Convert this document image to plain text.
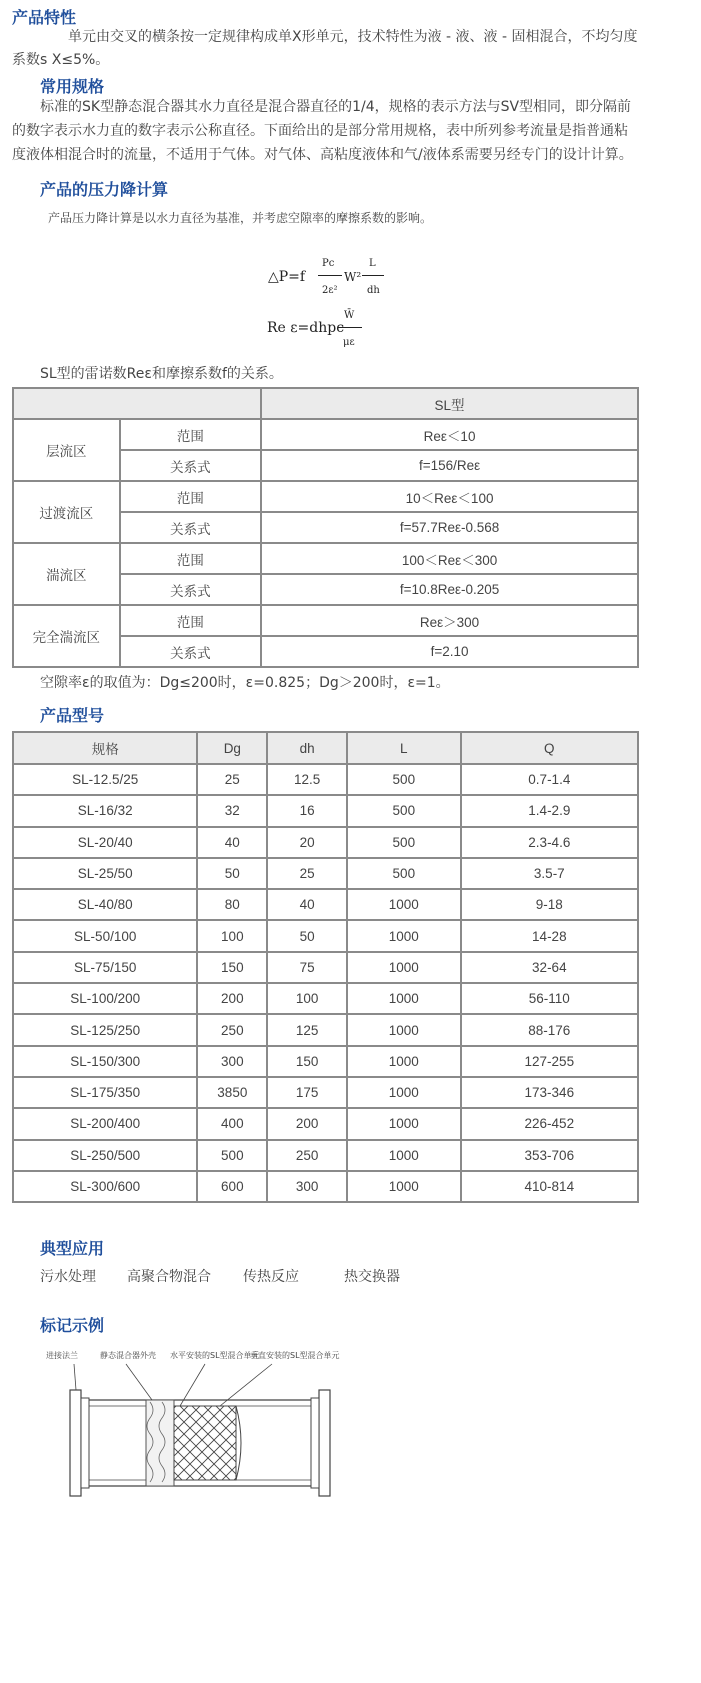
产品特性

单元由交叉的横条按一定规律构成单X形单元，技术特性为液 - 液、液 - 固相混合，不均匀度

系数s X≤5%。

常用规格

标准的SK型静态混合器其水力直径是混合器直径的1/4，规格的表示方法与SV型相同，即分隔前

的数字表示水力直的数字表示公称直径。下面给出的是部分常用规格，表中所列参考流量是指普通粘

度液体相混合时的流量，不适用于气体。对气体、高粘度液体和气/液体系需要另经专门的设计计算。

产品的压力降计算

产品压力降计算是以水力直径为基准，并考虑空隙率的摩擦系数的影响。

△P=f
Pc
2ε²
W²
L
dh
Re ε=dhpc
W̄
με

SL型的雷诺数Reε和摩擦系数f的关系。

		SL型
层流区	范围	Reε＜10
	关系式	f=156/Reε
过渡流区	范围	10＜Reε＜100
	关系式	f=57.7Reε-0.568
湍流区	范围	100＜Reε＜300
	关系式	f=10.8Reε-0.205
完全湍流区	范围	Reε＞300
	关系式	f=2.10

空隙率ε的取值为：Dg≤200时，ε=0.825；Dg＞200时，ε=1。

产品型号
规格	Dg	dh	L	Q
SL-12.5/25	25	12.5	500	0.7-1.4
SL-16/32	32	16	500	1.4-2.9
SL-20/40	40	20	500	2.3-4.6
SL-25/50	50	25	500	3.5-7
SL-40/80	80	40	1000	9-18
SL-50/100	100	50	1000	14-28
SL-75/150	150	75	1000	32-64
SL-100/200	200	100	1000	56-110
SL-125/250	250	125	1000	88-176
SL-150/300	300	150	1000	127-255
SL-175/350	3850	175	1000	173-346
SL-200/400	400	200	1000	226-452
SL-250/500	500	250	1000	353-706
SL-300/600	600	300	1000	410-814
典型应用
污水处理 高聚合物混合 传热反应	热交换器
标记示例
进接法兰	静态混合器外壳 水平安装的SL型混合单元
垂直安装的SL型混合单元
